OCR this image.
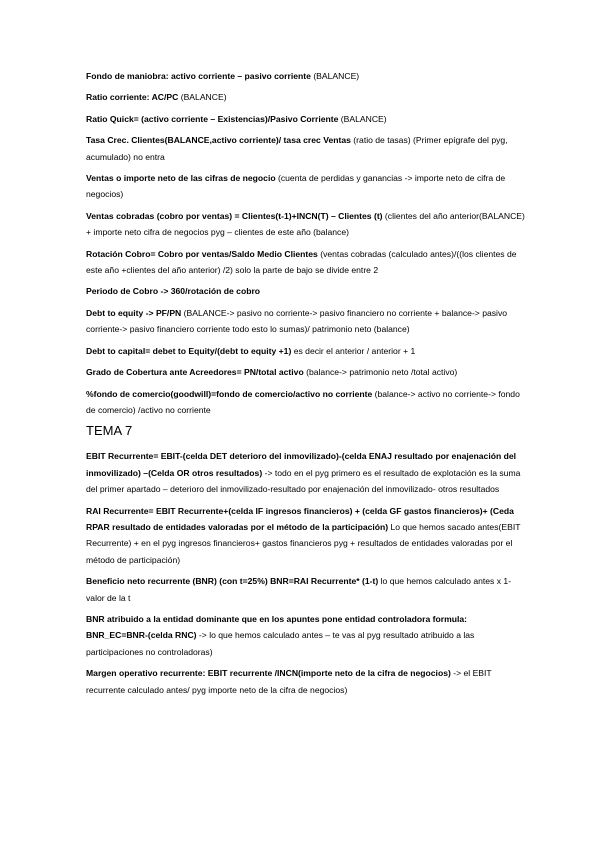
Fondo de maniobra: activo corriente – pasivo corriente (BALANCE)

Ratio corriente: AC/PC (BALANCE)

Ratio Quick= (activo corriente – Existencias)/Pasivo Corriente (BALANCE)

Tasa Crec. Clientes(BALANCE,activo corriente)/ tasa crec Ventas (ratio de tasas) (Primer epígrafe del pyg, acumulado) no entra

Ventas o importe neto de las cifras de negocio (cuenta de perdidas y ganancias -> importe neto de cifra de negocios)

Ventas cobradas (cobro por ventas) = Clientes(t-1)+INCN(T) – Clientes (t) (clientes del año anterior(BALANCE) + importe neto cifra de negocios pyg – clientes de este año (balance)

Rotación Cobro= Cobro por ventas/Saldo Medio Clientes (ventas cobradas (calculado antes)/((los clientes de este año +clientes del año anterior) /2) solo la parte de bajo se divide entre 2

Periodo de Cobro -> 360/rotación de cobro

Debt to equity -> PF/PN (BALANCE-> pasivo no corriente-> pasivo financiero no corriente + balance-> pasivo corriente-> pasivo financiero corriente todo esto lo sumas)/ patrimonio neto (balance)

Debt to capital= debet to Equity/(debt to equity +1) es decir el anterior / anterior + 1

Grado de Cobertura ante Acreedores= PN/total activo (balance-> patrimonio neto /total activo)

%fondo de comercio(goodwill)=fondo de comercio/activo no corriente (balance-> activo no corriente-> fondo de comercio) /activo no corriente

TEMA 7

EBIT Recurrente= EBIT-(celda DET deterioro del inmovilizado)-(celda ENAJ resultado por enajenación del inmovilizado) –(Celda OR otros resultados) -> todo en el pyg primero es el resultado de explotación es la suma del primer apartado – deterioro del inmovilizado-resultado por enajenación del inmovilizado- otros resultados

RAI Recurrente= EBIT Recurrente+(celda IF ingresos financieros) + (celda GF gastos financieros)+ (Ceda RPAR resultado de entidades valoradas por el método de la participación) Lo que hemos sacado antes(EBIT Recurrente) + en el pyg ingresos financieros+ gastos financieros pyg + resultados de entidades valoradas por el método de participación)

Beneficio neto recurrente (BNR) (con t=25%) BNR=RAI Recurrente* (1-t) lo que hemos calculado antes x 1-valor de la t

BNR atribuido a la entidad dominante que en los apuntes pone entidad controladora formula: BNR_EC=BNR-(celda RNC) -> lo que hemos calculado antes – te vas al pyg resultado atribuido a las participaciones no controladoras)

Margen operativo recurrente: EBIT recurrente /INCN(importe neto de la cifra de negocios) -> el EBIT recurrente calculado antes/ pyg importe neto de la cifra de negocios)
